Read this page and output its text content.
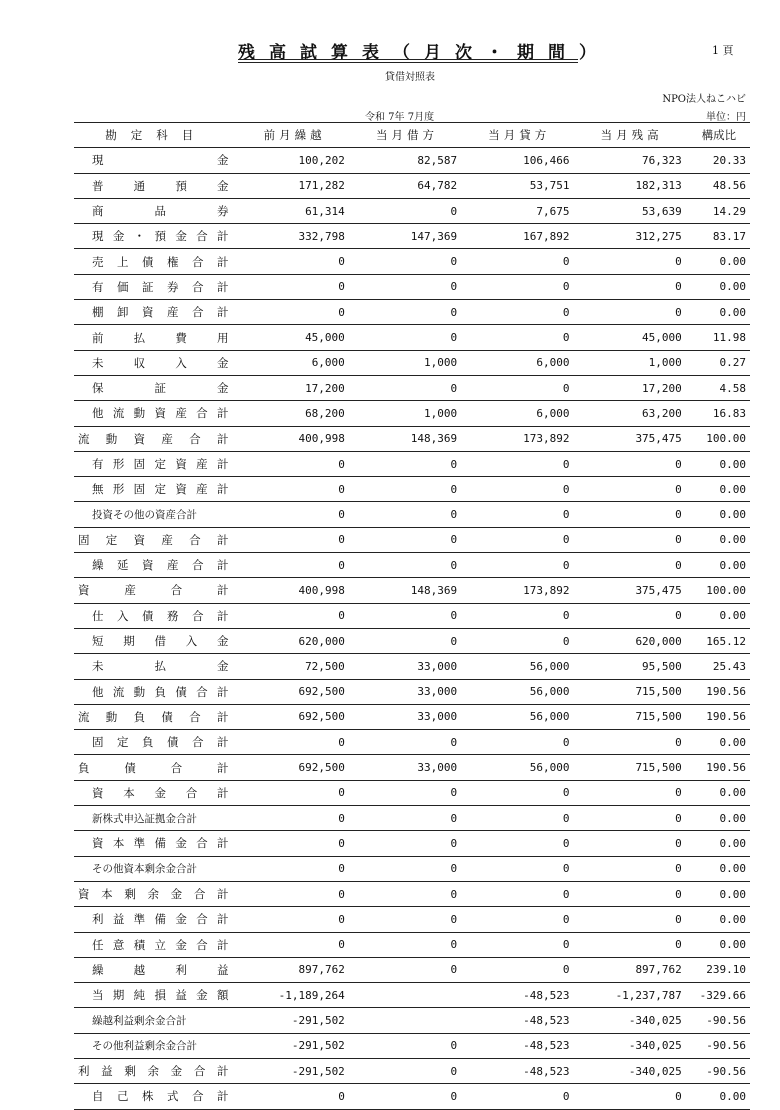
残高試算表（月次・期間）	1 頁
貸借対照表
NPO法人ねこハビ
令和 7年 7月度	単位：円
勘定科目	前月繰越	当月借方	当月貸方	当月残高	構成比
現金	100,202	82,587	106,466	76,323	20.33
普通預金	171,282	64,782	53,751	182,313	48.56
商品券	61,314	0	7,675	53,639	14.29
現金・預金合計	332,798	147,369	167,892	312,275	83.17
売上債権合計	0	0	0	0	0.00
有価証券合計	0	0	0	0	0.00
棚卸資産合計	0	0	0	0	0.00
前払費用	45,000	0	0	45,000	11.98
未収入金	6,000	1,000	6,000	1,000	0.27
保証金	17,200	0	0	17,200	4.58
他流動資産合計	68,200	1,000	6,000	63,200	16.83
流動資産合計	400,998	148,369	173,892	375,475	100.00
有形固定資産計	0	0	0	0	0.00
無形固定資産計	0	0	0	0	0.00
投資その他の資産合計	0	0	0	0	0.00
固定資産合計	0	0	0	0	0.00
繰延資産合計	0	0	0	0	0.00
資産合計	400,998	148,369	173,892	375,475	100.00
仕入債務合計	0	0	0	0	0.00
短期借入金	620,000	0	0	620,000	165.12
未払金	72,500	33,000	56,000	95,500	25.43
他流動負債合計	692,500	33,000	56,000	715,500	190.56
流動負債合計	692,500	33,000	56,000	715,500	190.56
固定負債合計	0	0	0	0	0.00
負債合計	692,500	33,000	56,000	715,500	190.56
資本金合計	0	0	0	0	0.00
新株式申込証拠金合計	0	0	0	0	0.00
資本準備金合計	0	0	0	0	0.00
その他資本剰余金合計	0	0	0	0	0.00
資本剰余金合計	0	0	0	0	0.00
利益準備金合計	0	0	0	0	0.00
任意積立金合計	0	0	0	0	0.00
繰越利益	897,762	0	0	897,762	239.10
当期純損益金額	-1,189,264		-48,523	-1,237,787	-329.66
繰越利益剰余金合計	-291,502		-48,523	-340,025	-90.56
その他利益剰余金合計	-291,502	0	-48,523	-340,025	-90.56
利益剰余金合計	-291,502	0	-48,523	-340,025	-90.56
自己株式合計	0	0	0	0	0.00
